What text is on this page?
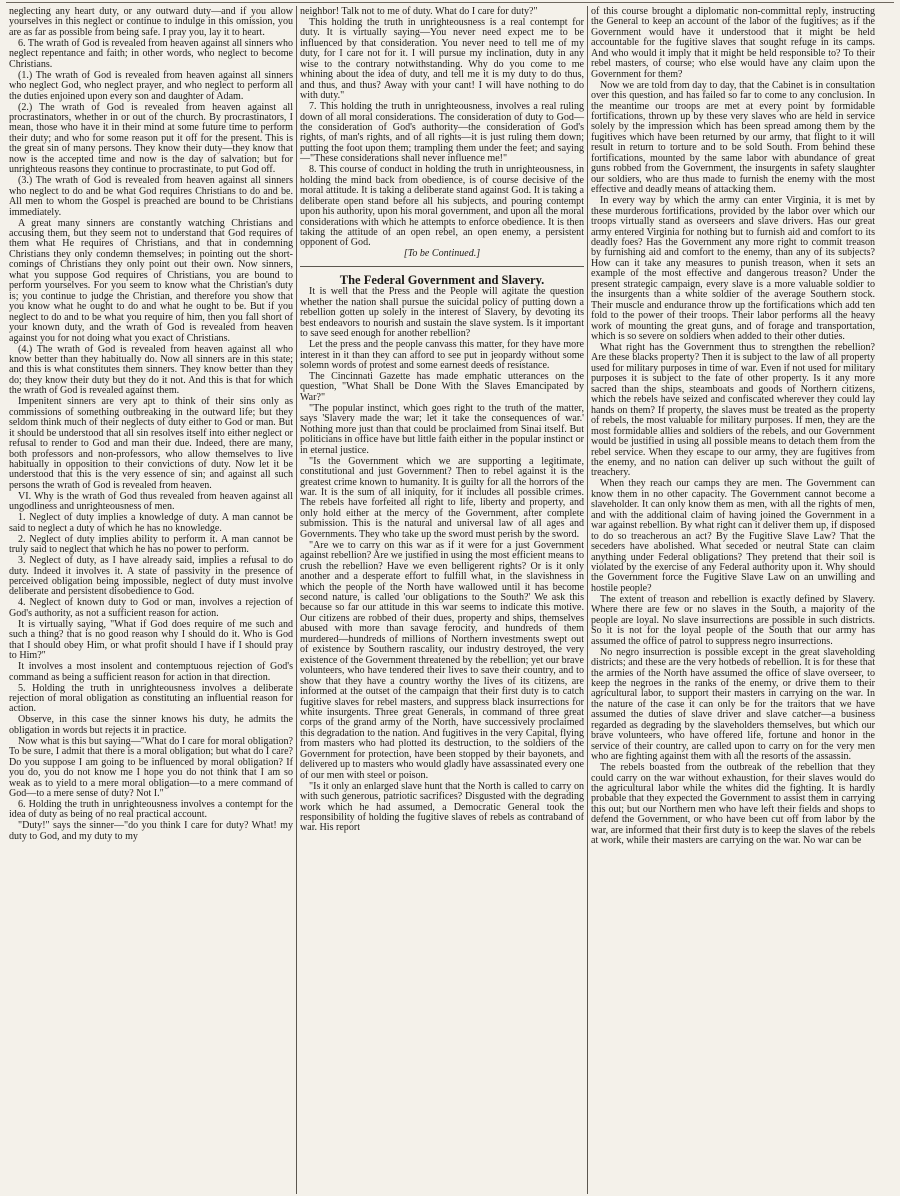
neglecting any heart duty, or any outward duty—and if you allow yourselves in this neglect or continue to indulge in this omission, you are as far as possible from being safe. I pray you, lay it to heart.

6. The wrath of God is revealed from heaven against all sinners who neglect repentance and faith; in other words, who neglect to become Christians.

(1.) The wrath of God is revealed from heaven against all sinners who neglect God, who neglect prayer, and who neglect to perform all the duties enjoined upon every son and daughter of Adam.

(2.) The wrath of God is revealed from heaven against all procrastinators, whether in or out of the church. By procrastinators, I mean, those who have it in their mind at some future time to perform their duty; and who for some reason put it off for the present. This is the great sin of many persons. They know their duty—they know that now is the accepted time and now is the day of salvation; but for unrighteous reasons they continue to procrastinate, to put God off.

(3.) The wrath of God is revealed from heaven against all sinners who neglect to do and be what God requires Christians to do and be. All men to whom the Gospel is preached are bound to be Christians immediately.

A great many sinners are constantly watching Christians and accusing them, but they seem not to understand that God requires of them what He requires of Christians, and that in condemning Christians they only condemn themselves; in pointing out the short-comings of Christians they only point out their own. Now sinners, what you suppose God requires of Christians, you are bound to perform yourselves. For you seem to know what the Christian's duty is; you continue to judge the Christian, and therefore you show that you know what he ought to do and what he ought to be. But if you neglect to do and to be what you require of him, then you fall short of your known duty, and the wrath of God is revealed from heaven against you for not doing what you exact of Christians.

(4.) The wrath of God is revealed from heaven against all who know better than they habitually do. Now all sinners are in this state; and this is what constitutes them sinners. They know better than they do; they know their duty but they do it not. And this is that for which the wrath of God is revealed against them.

Impenitent sinners are very apt to think of their sins only as commissions of something outbreaking in the outward life; but they seldom think much of their neglects of duty either to God or man. But it should be understood that all sin resolves itself into either neglect or refusal to render to God and man their due. Indeed, there are many, both professors and non-professors, who allow themselves to live habitually in opposition to their convictions of duty. Now let it be understood that this is the very essence of sin; and against all such persons the wrath of God is revealed from heaven.

VI. Why is the wrath of God thus revealed from heaven against all ungodliness and unrighteousness of men.

1. Neglect of duty implies a knowledge of duty. A man cannot be said to neglect a duty of which he has no knowledge.

2. Neglect of duty implies ability to perform it. A man cannot be truly said to neglect that which he has no power to perform.

3. Neglect of duty, as I have already said, implies a refusal to do duty. Indeed it involves it. A state of passivity in the presence of perceived obligation being impossible, neglect of duty must involve deliberate and persistent disobedience to God.

4. Neglect of known duty to God or man, involves a rejection of God's authority, as not a sufficient reason for action.

It is virtually saying, "What if God does require of me such and such a thing? that is no good reason why I should do it. Who is God that I should obey Him, or what profit should I have if I should pray to Him?"

It involves a most insolent and contemptuous rejection of God's command as being a sufficient reason for action in that direction.

5. Holding the truth in unrighteousness involves a deliberate rejection of moral obligation as constituting an influential reason for action.

Observe, in this case the sinner knows his duty, he admits the obligation in words but rejects it in practice.

Now what is this but saying—"What do I care for moral obligation? To be sure, I admit that there is a moral obligation; but what do I care? Do you suppose I am going to be influenced by moral obligation? If you do, you do not know me I hope you do not think that I am so weak as to yield to a mere moral obligation—to a mere command of God—to a mere sense of duty? Not I."

6. Holding the truth in unrighteousness involves a contempt for the idea of duty as being of no real practical account.

"Duty!" says the sinner—"do you think I care for duty? What! my duty to God, and my duty to my

neighbor! Talk not to me of duty. What do I care for duty?"

This holding the truth in unrighteousness is a real contempt for duty. It is virtually saying—You never need expect me to be influenced by that consideration. You never need to tell me of my duty, for I care not for it. I will pursue my inclination, duty in any wise to the contrary notwithstanding. Why do you come to me whining about the idea of duty, and tell me it is my duty to do thus, and thus, and thus? Away with your cant! I will have nothing to do with duty."

7. This holding the truth in unrighteousness, involves a real ruling down of all moral considerations. The consideration of duty to God—the consideration of God's authority—the consideration of God's rights, of man's rights, and of all rights—it is just ruling them down; putting the foot upon them; trampling them under the feet; and saying—"These considerations shall never influence me!"

8. This course of conduct in holding the truth in unrighteousness, in holding the mind back from obedience, is of course decisive of the moral attitude. It is taking a deliberate stand against God. It is taking a deliberate open stand before all his subjects, and pouring contempt upon his authority, upon his moral government, and upon all the moral considerations with which he attempts to enforce obedience. It is then taking the attitude of an open rebel, an open enemy, a persistent opponent of God.

[To be Continued.]

The Federal Government and Slavery.

It is well that the Press and the People will agitate the question whether the nation shall pursue the suicidal policy of putting down a rebellion gotten up solely in the interest of Slavery, by devoting its best endeavors to nourish and sustain the slave system. Is it important to save seed enough for another rebellion?

Let the press and the people canvass this matter, for they have more interest in it than they can afford to see put in jeopardy without some solemn words of protest and some earnest deeds of resistance.

The Cincinnati Gazette has made emphatic utterances on the question, "What Shall be Done With the Slaves Emancipated by War?"

"The popular instinct, which goes right to the truth of the matter, says 'Slavery made the war; let it take the consequences of war.' Nothing more just than that could be proclaimed from Sinai itself. But politicians in office have but little faith either in the popular instinct or in eternal justice.

"Is the Government which we are supporting a legitimate, constitutional and just Government? Then to rebel against it is the greatest crime known to humanity. It is guilty for all the horrors of the war. It is the sum of all iniquity, for it includes all possible crimes. The rebels have forfeited all right to life, liberty and property, and only hold either at the mercy of the Government, after complete submission. This is the natural and universal law of all ages and Governments. They who take up the sword must perish by the sword.

"Are we to carry on this war as if it were for a just Government against rebellion? Are we justified in using the most efficient means to crush the rebellion? Have we even belligerent rights? Or is it only another and a desperate effort to fulfill what, in the slavishness in which the people of the North have wallowed until it has become second nature, is called 'our obligations to the South?' We ask this because so far our attitude in this war seems to indicate this motive. Our citizens are robbed of their dues, property and ships, themselves abused with more than savage ferocity, and hundreds of them murdered—hundreds of millions of Northern investments swept out of existence by Southern rascality, our industry destroyed, the very existence of the Government threatened by the rebellion; yet our brave volunteers, who have tendered their lives to save their country, and to show that they have a country worthy the lives of its citizens, are informed at the outset of the campaign that their first duty is to catch fugitive slaves for rebel masters, and suppress black insurrections for white insurgents. Three great Generals, in command of three great corps of the grand army of the North, have successively proclaimed this degradation to the nation. And fugitives in the very Capital, flying from masters who had plotted its destruction, to the soldiers of the Government for protection, have been stopped by their bayonets, and delivered up to masters who would gladly have assassinated every one of our men with steel or poison.

"Is it only an enlarged slave hunt that the North is called to carry on with such generous, patriotic sacrifices? Disgusted with the degrading work which he had assumed, a Democratic General took the responsibility of holding the fugitive slaves of rebels as contraband of war. His report

of this course brought a diplomatic non-committal reply, instructing the General to keep an account of the labor of the fugitives; as if the Government would have it understood that it might be held accountable for the fugitive slaves that sought refuge in its camps. And who would it imply that it might be held responsible to? To their rebel masters, of course; who else would have any claim upon the Government for them?

Now we are told from day to day, that the Cabinet is in consultation over this question, and has failed so far to come to any conclusion. In the meantime our troops are met at every point by formidable fortifications, thrown up by these very slaves who are held in service solely by the impression which has been spread among them by the fugitives which have been returned by our army, that flight to it will result in return to torture and to be sold South. From behind these fortifications, mounted by the same labor with abundance of great guns robbed from the Government, the insurgents in safety slaughter our soldiers, who are thus made to furnish the enemy with the most effective and deadly means of attacking them.

In every way by which the army can enter Virginia, it is met by these murderous fortifications, provided by the labor over which our troops virtually stand as overseers and slave drivers. Has our great army entered Virginia for nothing but to furnish aid and comfort to its deadly foes? Has the Government any more right to commit treason by furnishing aid and comfort to the enemy, than any of its subjects? How can it take any measures to punish treason, when it sets an example of the most effective and dangerous treason? Under the present strategic campaign, every slave is a more valuable soldier to the insurgents than a white soldier of the average Southern stock. Their muscle and endurance throw up the fortifications which add ten fold to the power of their troops. Their labor performs all the heavy work of mounting the great guns, and of forage and transportation, which is so severe on soldiers when added to their other duties.

What right has the Government thus to strengthen the rebellion? Are these blacks property? Then it is subject to the law of all property used for military purposes in time of war. Even if not used for military purposes it is subject to the fate of other property. Is it any more sacred than the ships, steamboats and goods of Northern citizens, which the rebels have seized and confiscated wherever they could lay hands on them? If property, the slaves must be treated as the property of rebels, the most valuable for military purposes. If men, they are the most formidable allies and soldiers of the rebels, and our Government would be justified in using all possible means to detach them from the rebel service. When they escape to our army, they are fugitives from the enemy, and no nation can deliver up such without the guilt of treachery.

When they reach our camps they are men. The Government can know them in no other capacity. The Government cannot become a slaveholder. It can only know them as men, with all the rights of men, and with the additional claim of having joined the Government in a war against rebellion. By what right can it deliver them up, if disposed to do so treacherous an act? By the Fugitive Slave Law? That the seceders have abolished. What seceded or neutral State can claim anything under Federal obligations? They pretend that their soil is violated by the exercise of any Federal authority upon it. Why should the Government force the Fugitive Slave Law on an unwilling and hostile people?

The extent of treason and rebellion is exactly defined by Slavery. Where there are few or no slaves in the South, a majority of the people are loyal. No slave insurrections are possible in such districts. So it is not for the loyal people of the South that our army has assumed the office of patrol to suppress negro insurrections.

No negro insurrection is possible except in the great slaveholding districts; and these are the very hotbeds of rebellion. It is for these that the armies of the North have assumed the office of slave overseer, to keep the negroes in the ranks of the enemy, or drive them to their agricultural labor, to support their masters in carrying on the war. In the nature of the case it can only be for the traitors that we have assumed the duties of slave driver and slave catcher—a business regarded as degrading by the slaveholders themselves, but which our brave volunteers, who have offered life, fortune and honor in the service of their country, are called upon to carry on for the very men who are fighting against them with all the resorts of the assassin.

The rebels boasted from the outbreak of the rebellion that they could carry on the war without exhaustion, for their slaves would do the agricultural labor while the whites did the fighting. It is hardly probable that they expected the Government to assist them in carrying this out; but our Northern men who have left their fields and shops to defend the Government, or who have been cut off from labor by the war, are informed that their first duty is to keep the slaves of the rebels at work, while their masters are carrying on the war. No war can be
